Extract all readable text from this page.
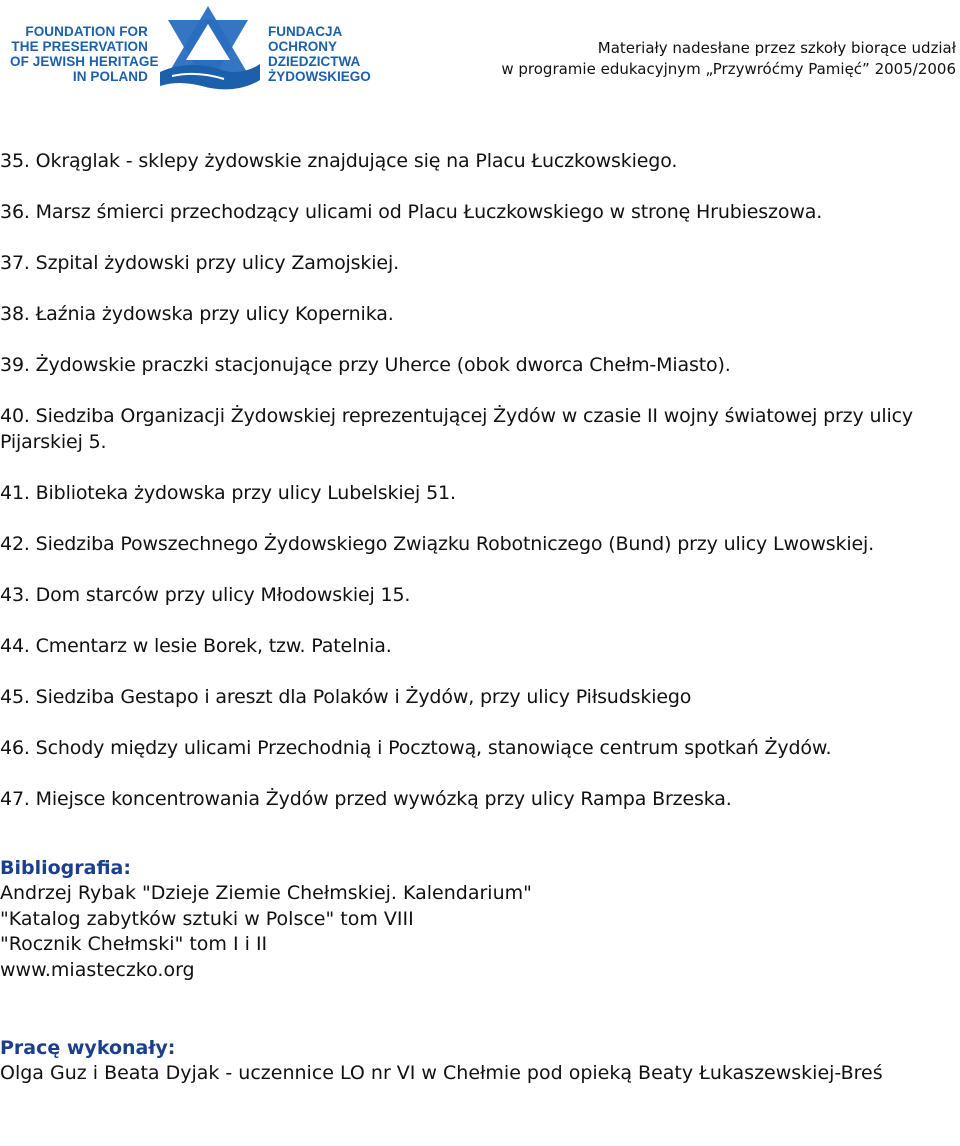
FOUNDATION FOR
THE PRESERVATION
OF JEWISH HERITAGE
IN POLAND
FUNDACJA
OCHRONY
DZIEDZICTWA
ŻYDOWSKIEGO
Materiały nadesłane przez szkoły biorące udział
w programie edukacyjnym „Przywróćmy Pamięć” 2005/2006

35. Okrąglak - sklepy żydowskie znajdujące się na Placu Łuczkowskiego.

36. Marsz śmierci przechodzący ulicami od Placu Łuczkowskiego w stronę Hrubieszowa.

37. Szpital żydowski przy ulicy Zamojskiej.

38. Łaźnia żydowska przy ulicy Kopernika.

39. Żydowskie praczki stacjonujące przy Uherce (obok dworca Chełm-Miasto).

40. Siedziba Organizacji Żydowskiej reprezentującej Żydów w czasie II wojny światowej przy ulicy Pijarskiej 5.

41. Biblioteka żydowska przy ulicy Lubelskiej 51.

42. Siedziba Powszechnego Żydowskiego Związku Robotniczego (Bund) przy ulicy Lwowskiej.

43. Dom starców przy ulicy Młodowskiej 15.

44. Cmentarz w lesie Borek, tzw. Patelnia.

45. Siedziba Gestapo i areszt dla Polaków i Żydów, przy ulicy Piłsudskiego

46. Schody między ulicami Przechodnią i Pocztową, stanowiące centrum spotkań Żydów.

47. Miejsce koncentrowania Żydów przed wywózką przy ulicy Rampa Brzeska.

Bibliografia:

Andrzej Rybak "Dzieje Ziemie Chełmskiej. Kalendarium"

"Katalog zabytków sztuki w Polsce" tom VIII

"Rocznik Chełmski" tom I i II

www.miasteczko.org

Pracę wykonały:

Olga Guz i Beata Dyjak - uczennice LO nr VI w Chełmie pod opieką Beaty Łukaszewskiej-Breś
